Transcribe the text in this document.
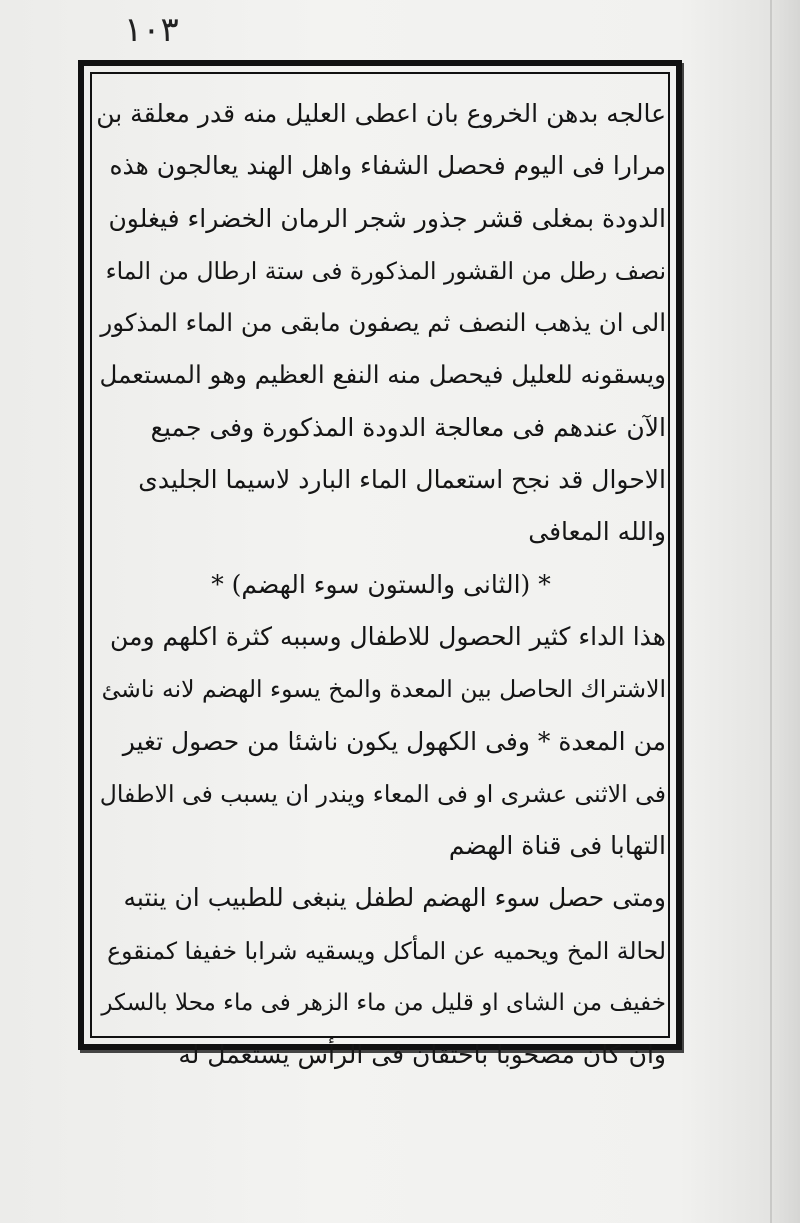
١٠٣
عالجه بدهن الخروع بان اعطى العليل منه قدر معلقة بن
مرارا فى اليوم فحصل الشفاء واهل الهند يعالجون هذه
الدودة بمغلى قشر جذور شجر الرمان الخضراء فيغلون
نصف رطل من القشور المذكورة فى ستة ارطال من الماء
الى ان يذهب النصف ثم يصفون مابقى من الماء المذكور
ويسقونه للعليل فيحصل منه النفع العظيم وهو المستعمل
الآن عندهم فى معالجة الدودة المذكورة وفى جميع
الاحوال قد نجح استعمال الماء البارد لاسيما الجليدى
والله المعافى
* (الثانى والستون سوء الهضم) *
هذا الداء كثير الحصول للاطفال وسببه كثرة اكلهم ومن
الاشتراك الحاصل بين المعدة والمخ يسوء الهضم لانه ناشئ
من المعدة * وفى الكهول يكون ناشئا من حصول تغير
فى الاثنى عشرى او فى المعاء ويندر ان يسبب فى الاطفال
التهابا فى قناة الهضم
ومتى حصل سوء الهضم لطفل ينبغى للطبيب ان ينتبه
لحالة المخ ويحميه عن المأكل ويسقيه شرابا خفيفا كمنقوع
خفيف من الشاى او قليل من ماء الزهر فى ماء محلا بالسكر
وان كان مصحوبا باحتقان فى الرأس يستعمل له
